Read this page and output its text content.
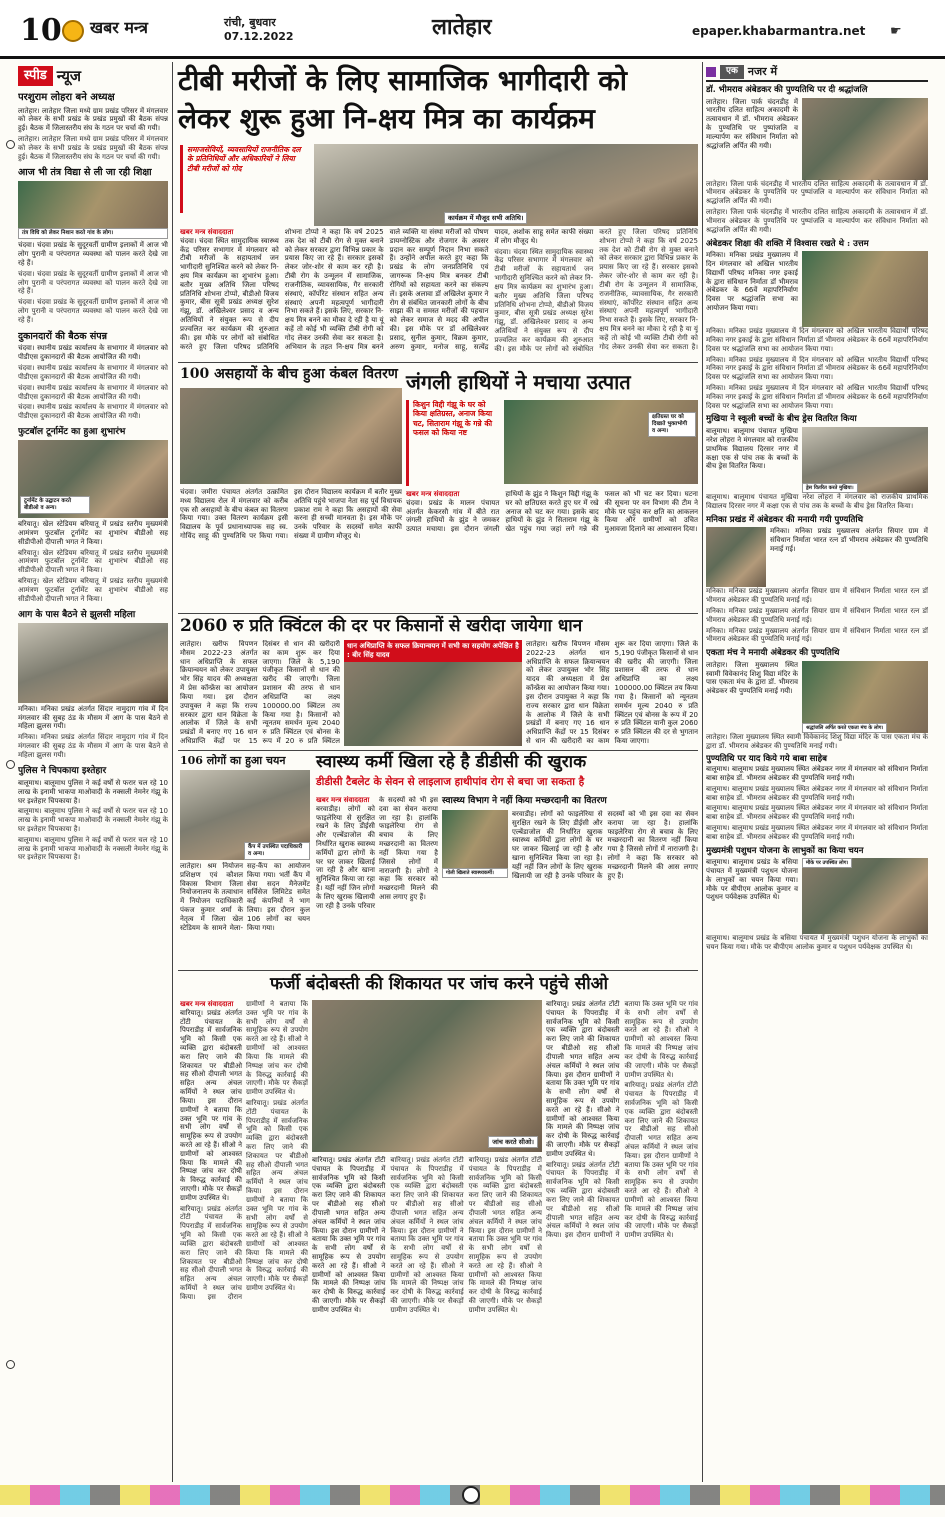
10 खबर मन्त्र	रांची, बुधवार
07.12.2022	लातेहार	epaper.khabarmantra.net ☛
स्पीड न्यूज
परशुराम लोहरा बने अध्यक्ष

लातेहार। लातेहार जिला मध्ये ग्राम प्रखंड परिसर में मंगलवार को लेकर के सभी प्रखंड के प्रखंड प्रमुखों की बैठक संपन्न हुई। बैठक में जिलास्तरीय संघ के गठन पर चर्चा की गयी।

लातेहार। लातेहार जिला मध्ये ग्राम प्रखंड परिसर में मंगलवार को लेकर के सभी प्रखंड के प्रखंड प्रमुखों की बैठक संपन्न हुई। बैठक में जिलास्तरीय संघ के गठन पर चर्चा की गयी।

आज भी तंत्र विद्या से ली जा रही शिक्षा
तंत्र विधि को लेकर निशान करते गांव के लोग।

चंदवा। चंदवा प्रखंड के सुदूरवर्ती ग्रामीण इलाकों में आज भी लोग पुरानी व परंपरागत व्यवस्था को पालन करते देखे जा रहे हैं।

चंदवा। चंदवा प्रखंड के सुदूरवर्ती ग्रामीण इलाकों में आज भी लोग पुरानी व परंपरागत व्यवस्था को पालन करते देखे जा रहे हैं।

चंदवा। चंदवा प्रखंड के सुदूरवर्ती ग्रामीण इलाकों में आज भी लोग पुरानी व परंपरागत व्यवस्था को पालन करते देखे जा रहे हैं।

दुकानदारों की बैठक संपन्न

चंदवा। स्थानीय प्रखंड कार्यालय के सभागार में मंगलवार को पीडीएस दुकानदारों की बैठक आयोजित की गयी।

चंदवा। स्थानीय प्रखंड कार्यालय के सभागार में मंगलवार को पीडीएस दुकानदारों की बैठक आयोजित की गयी।

चंदवा। स्थानीय प्रखंड कार्यालय के सभागार में मंगलवार को पीडीएस दुकानदारों की बैठक आयोजित की गयी।

चंदवा। स्थानीय प्रखंड कार्यालय के सभागार में मंगलवार को पीडीएस दुकानदारों की बैठक आयोजित की गयी।

फुटबॉल टूर्नामेंट का हुआ शुभारंभ
टूर्नामेंट के उद्घाटन करते बीडीओ व अन्य।

बरियातू। खेल स्टेडियम बरियातू में प्रखंड स्तरीय मुख्यमंत्री आमंत्रण फुटबॉल टूर्नामेंट का शुभारंभ बीडीओ सह सीडीपीओ दीपाली भगत ने किया।

बरियातू। खेल स्टेडियम बरियातू में प्रखंड स्तरीय मुख्यमंत्री आमंत्रण फुटबॉल टूर्नामेंट का शुभारंभ बीडीओ सह सीडीपीओ दीपाली भगत ने किया।

बरियातू। खेल स्टेडियम बरियातू में प्रखंड स्तरीय मुख्यमंत्री आमंत्रण फुटबॉल टूर्नामेंट का शुभारंभ बीडीओ सह सीडीपीओ दीपाली भगत ने किया।

आग के पास बैठने से झुलसी महिला

मनिका। मनिका प्रखंड अंतर्गत सिंदार नामुदाग गांव में दिन मंगलवार की सुबह ठंड के मौसम में आग के पास बैठने से महिला झुलस गयी।

मनिका। मनिका प्रखंड अंतर्गत सिंदार नामुदाग गांव में दिन मंगलवार की सुबह ठंड के मौसम में आग के पास बैठने से महिला झुलस गयी।

पुलिस ने चिपकाया इश्तेहार

बालूमाथ। बालूमाथ पुलिस ने कई वर्षों से फरार चल रहे 10 लाख के इनामी भाकपा माओवादी के नक्सली नेमनेर गंझू के घर इश्तेहार चिपकाया है।

बालूमाथ। बालूमाथ पुलिस ने कई वर्षों से फरार चल रहे 10 लाख के इनामी भाकपा माओवादी के नक्सली नेमनेर गंझू के घर इश्तेहार चिपकाया है।

बालूमाथ। बालूमाथ पुलिस ने कई वर्षों से फरार चल रहे 10 लाख के इनामी भाकपा माओवादी के नक्सली नेमनेर गंझू के घर इश्तेहार चिपकाया है।

टीबी मरीजों के लिए सामाजिक भागीदारी को
लेकर शुरू हुआ नि-क्षय मित्र का कार्यक्रम
समाजसेवियों, व्यवसायियों राजनीतिक दल के प्रतिनिधियों और अधिकारियों ने लिया टीबी मरीजों को गोद
कार्यक्रम में मौजूद सभी अतिथि।
खबर मन्त्र संवाददाता

चंदवा। चंदवा स्थित सामुदायिक स्वास्थ्य केंद्र परिसर सभागार में मंगलवार को टीबी मरीजों के सहायतार्थ जन भागीदारी सुनिश्चित करने को लेकर नि-क्षय मित्र कार्यक्रम का शुभारंभ हुआ। बतौर मुख्य अतिथि जिला परिषद प्रतिनिधि शोभना टोप्पो, बीडीओ विजय कुमार, बीस सूत्री प्रखंड अध्यक्ष सुरेश गंझू, डॉ. अखिलेश्वर प्रसाद व अन्य अतिथियों ने संयुक्त रूप से दीप प्रज्वलित कर कार्यक्रम की शुरुआत की। इस मौके पर लोगों को संबोधित करते हुए जिला परिषद प्रतिनिधि शोभना टोप्पो ने कहा कि वर्ष 2025 तक देश को टीबी रोग से मुक्त बनाने को लेकर सरकार द्वारा विभिन्न प्रकार के प्रयास किए जा रहे हैं। सरकार इसको लेकर जोर-शोर से काम कर रही है। टीबी रोग के उन्मूलन में सामाजिक, राजनीतिक, व्यावसायिक, गैर सरकारी संस्थाएं, कॉर्पोरेट संस्थान सहित अन्य संस्थाएं अपनी महत्वपूर्ण भागीदारी निभा सकते हैं। इसके लिए, सरकार नि-क्षय मित्र बनने का मौका दे रही है या यूं कहें तो कोई भी व्यक्ति टीबी रोगी को गोद लेकर उनकी सेवा कर सकता है। अभियान के तहत नि-क्षय मित्र बनने वाले व्यक्ति या संस्था मरीजों को पोषण डायग्नोस्टिक और रोजगार के अवसर प्रदान कर सम्पूर्ण निदान निभा सकते हैं। उन्होंने अपील करते हुए कहा कि प्रखंड के लोग जनप्रतिनिधि एवं जागरूक नि-क्षय मित्र बनकर टीबी रोगियों को सहायता करने का संकल्प लें। इसके अलावा डॉ अखिलेश कुमार ने रोग से संबंधित जानकारी लोगों के बीच साझा की व समस्त मरीजों की पहचान को लेकर समाज से मदद की अपील की। इस मौके पर डॉ अखिलेश्वर प्रसाद, सुनील कुमार, विक्रम कुमार, अरुण कुमार, मनोज साहू, सत्येंद्र यादव, अशोक साहू समेत काफी संख्या में लोग मौजूद थे।

चंदवा। चंदवा स्थित सामुदायिक स्वास्थ्य केंद्र परिसर सभागार में मंगलवार को टीबी मरीजों के सहायतार्थ जन भागीदारी सुनिश्चित करने को लेकर नि-क्षय मित्र कार्यक्रम का शुभारंभ हुआ। बतौर मुख्य अतिथि जिला परिषद प्रतिनिधि शोभना टोप्पो, बीडीओ विजय कुमार, बीस सूत्री प्रखंड अध्यक्ष सुरेश गंझू, डॉ. अखिलेश्वर प्रसाद व अन्य अतिथियों ने संयुक्त रूप से दीप प्रज्वलित कर कार्यक्रम की शुरुआत की। इस मौके पर लोगों को संबोधित करते हुए जिला परिषद प्रतिनिधि शोभना टोप्पो ने कहा कि वर्ष 2025 तक देश को टीबी रोग से मुक्त बनाने को लेकर सरकार द्वारा विभिन्न प्रकार के प्रयास किए जा रहे हैं। सरकार इसको लेकर जोर-शोर से काम कर रही है। टीबी रोग के उन्मूलन में सामाजिक, राजनीतिक, व्यावसायिक, गैर सरकारी संस्थाएं, कॉर्पोरेट संस्थान सहित अन्य संस्थाएं अपनी महत्वपूर्ण भागीदारी निभा सकते हैं। इसके लिए, सरकार नि-क्षय मित्र बनने का मौका दे रही है या यूं कहें तो कोई भी व्यक्ति टीबी रोगी को गोद लेकर उनकी सेवा कर सकता है।

100 असहायों के बीच हुआ कंबल वितरण

चंदवा। जमीरा पंचायत अंतर्गत उत्क्रमित मध्य विद्यालय रोल में मंगलवार को करीब एक सौ असहायों के बीच कंबल का वितरण किया गया। उक्त वितरण कार्यक्रम इसी विद्यालय के पूर्व प्रधानाध्यापक सह स्व. गोविंद साहू की पुण्यतिथि पर किया गया। इस दौरान विद्यालय कार्यक्रम में बतौर मुख्य अतिथि पहुंचे भाजपा नेता सह पूर्व विधायक प्रकाश राम ने कहा कि असहायों की सेवा करना ही सच्ची मानवता है। इस मौके पर उनके परिवार के सदस्यों समेत काफी संख्या में ग्रामीण मौजूद थे।

जंगली हाथियों ने मचाया उत्पात
किशुन विद्दी गंझू के घर को किया क्षतिग्रस्त, अनाज किया चट, सिताराम गंझू के गन्ने की फसल को किया नष्ट
क्षतिग्रस्त घर को दिखाते भुक्तभोगी व अन्य।
खबर मन्त्र संवाददाता

चंदवा। प्रखंड के मालन पंचायत अंतर्गत केकरसौ गांव में बीते रात जंगली हाथियों के झुंड ने जमकर उत्पात मचाया। इस दौरान जंगली हाथियों के झुंड ने किशुन विद्दी गंझू के घर को क्षतिग्रस्त करते हुए घर में रखे अनाज को चट कर गया। इसके बाद हाथियों के झुंड ने सिताराम गंझू के खेत पहुंच गया जहां लगे गन्ने की फसल को भी चट कर दिया। घटना की सूचना पर वन विभाग की टीम ने मौके पर पहुंच कर क्षति का आकलन किया और ग्रामीणों को उचित मुआवजा दिलाने का आश्वासन दिया।

2060 रु प्रति क्विंटल की दर पर किसानों से खरीदा जायेगा धान

लातेहार। खरीफ विपणन मौसम 2022-23 अंतर्गत धान अधिप्राप्ति के सफल क्रियान्वयन को लेकर उपायुक्त भोर सिंह यादव की अध्यक्षता में प्रेस कॉन्फ्रेंस का आयोजन किया गया। इस दौरान उपायुक्त ने कहा कि राज्य सरकार द्वारा धान विक्रेता के आलोक में जिले के सभी प्रखंडों में बनाए गए 16 धान अधिप्राप्ति केंद्रों पर 15 दिसंबर से धान की खरीदारी का काम शुरू कर दिया जाएगा। जिले के 5,190 पंजीकृत किसानों से धान की खरीद की जाएगी। जिला प्रशासन की तरफ से धान अधिप्राप्ति का लक्ष्य 100000.00 क्विंटल तय किया गया है। किसानों को न्यूनतम समर्थन मूल्य 2040 रु प्रति क्विंटल एवं बोनस के रूप में 20 रु प्रति क्विंटल

धान अधिप्राप्ति के सफल क्रियान्वयन में सभी का सहयोग अपेक्षित है : बीर सिंह यादव

लातेहार। खरीफ विपणन मौसम 2022-23 अंतर्गत धान अधिप्राप्ति के सफल क्रियान्वयन को लेकर उपायुक्त भोर सिंह यादव की अध्यक्षता में प्रेस कॉन्फ्रेंस का आयोजन किया गया। इस दौरान उपायुक्त ने कहा कि राज्य सरकार द्वारा धान विक्रेता के आलोक में जिले के सभी प्रखंडों में बनाए गए 16 धान अधिप्राप्ति केंद्रों पर 15 दिसंबर से धान की खरीदारी का काम शुरू कर दिया जाएगा। जिले के 5,190 पंजीकृत किसानों से धान की खरीद की जाएगी। जिला प्रशासन की तरफ से धान अधिप्राप्ति का लक्ष्य 100000.00 क्विंटल तय किया गया है। किसानों को न्यूनतम समर्थन मूल्य 2040 रु प्रति क्विंटल एवं बोनस के रूप में 20 रु प्रति क्विंटल यानी कुल 2060 रु प्रति क्विंटल की दर से भुगतान किया जाएगा।

106 लोगों का हुआ चयन
कैंप में उपस्थित पदाधिकारी व अन्य।

लातेहार। श्रम नियोजन प्रशिक्षण एवं कौशल विकास विभाग जिला नियोजनालय के तत्वाधान में नियोजन पदाधिकारी पंकज कुमार शर्मा के नेतृत्व में जिला खेल स्टेडियम के सामने मेला-सह-कैंप का आयोजन किया गया। भर्ती कैंप में सेवा सदन मैनेजमेंट सर्विसेज लिमिटेड समेत कई कंपनियों ने भाग लिया। इस दौरान कुल 106 लोगों का चयन किया गया।

स्वास्थ्य कर्मी खिला रहे है डीडीसी की खुराक
डीडीसी टैबलेट के सेवन से लाइलाज हाथीपांव रोग से बचा जा सकता है
खबर मन्त्र संवाददाता

बरवाडीह। लोगों को फाइलेरिया से सुरक्षित रखने के लिए डीईसी और एल्बेंडाजोल की निर्धारित खुराक स्वास्थ्य कर्मियों द्वारा लोगों के घर घर जाकर खिलाई जा रही है और खाना सुनिश्चित किया जा रहा है। यहीं नहीं जिन लोगों के लिए खुराक खिलायी जा रही है उनके परिवार के सदस्यों को भी इस दवा का सेवन कराया जा रहा है। हालांकि फाइलेरिया रोग से बचाव के लिए मच्छरदानी का वितरण नहीं किया गया है जिससे लोगों में नाराजगी है। लोगों ने कहा कि सरकार को मच्छरदानी मिलने की आस लगाए हुए हैं।

स्वास्थ्य विभाग ने नहीं किया मच्छरदानी का वितरण
गोली खिलाते स्वास्थ्यकर्मी।

बरवाडीह। लोगों को फाइलेरिया से सुरक्षित रखने के लिए डीईसी और एल्बेंडाजोल की निर्धारित खुराक स्वास्थ्य कर्मियों द्वारा लोगों के घर घर जाकर खिलाई जा रही है और खाना सुनिश्चित किया जा रहा है। यहीं नहीं जिन लोगों के लिए खुराक खिलायी जा रही है उनके परिवार के सदस्यों को भी इस दवा का सेवन कराया जा रहा है। हालांकि फाइलेरिया रोग से बचाव के लिए मच्छरदानी का वितरण नहीं किया गया है जिससे लोगों में नाराजगी है। लोगों ने कहा कि सरकार को मच्छरदानी मिलने की आस लगाए हुए हैं।

फर्जी बंदोबस्ती की शिकायत पर जांच करने पहुंचे सीओ
खबर मन्त्र संवाददाता

बारियातू। प्रखंड अंतर्गत टोंटी पंचायत के पिपराडीह में सार्वजनिक भूमि को किसी एक व्यक्ति द्वारा बंदोबस्ती करा लिए जाने की शिकायत पर बीडीओ सह सीओ दीपाली भगत सहित अन्य अंचल कर्मियों ने स्थल जांच किया। इस दौरान ग्रामीणों ने बताया कि उक्त भूमि पर गांव के सभी लोग वर्षों से सामूहिक रूप से उपयोग करते आ रहे हैं। सीओ ने ग्रामीणों को आश्वस्त किया कि मामले की निष्पक्ष जांच कर दोषी के विरुद्ध कार्रवाई की जाएगी। मौके पर सैकड़ों ग्रामीण उपस्थित थे।

बारियातू। प्रखंड अंतर्गत टोंटी पंचायत के पिपराडीह में सार्वजनिक भूमि को किसी एक व्यक्ति द्वारा बंदोबस्ती करा लिए जाने की शिकायत पर बीडीओ सह सीओ दीपाली भगत सहित अन्य अंचल कर्मियों ने स्थल जांच किया। इस दौरान ग्रामीणों ने बताया कि उक्त भूमि पर गांव के सभी लोग वर्षों से सामूहिक रूप से उपयोग करते आ रहे हैं। सीओ ने ग्रामीणों को आश्वस्त किया कि मामले की निष्पक्ष जांच कर दोषी के विरुद्ध कार्रवाई की जाएगी। मौके पर सैकड़ों ग्रामीण उपस्थित थे।

बारियातू। प्रखंड अंतर्गत टोंटी पंचायत के पिपराडीह में सार्वजनिक भूमि को किसी एक व्यक्ति द्वारा बंदोबस्ती करा लिए जाने की शिकायत पर बीडीओ सह सीओ दीपाली भगत सहित अन्य अंचल कर्मियों ने स्थल जांच किया। इस दौरान ग्रामीणों ने बताया कि उक्त भूमि पर गांव के सभी लोग वर्षों से सामूहिक रूप से उपयोग करते आ रहे हैं। सीओ ने ग्रामीणों को आश्वस्त किया कि मामले की निष्पक्ष जांच कर दोषी के विरुद्ध कार्रवाई की जाएगी। मौके पर सैकड़ों ग्रामीण उपस्थित थे।

जांच करते सीओ।

बारियातू। प्रखंड अंतर्गत टोंटी पंचायत के पिपराडीह में सार्वजनिक भूमि को किसी एक व्यक्ति द्वारा बंदोबस्ती करा लिए जाने की शिकायत पर बीडीओ सह सीओ दीपाली भगत सहित अन्य अंचल कर्मियों ने स्थल जांच किया। इस दौरान ग्रामीणों ने बताया कि उक्त भूमि पर गांव के सभी लोग वर्षों से सामूहिक रूप से उपयोग करते आ रहे हैं। सीओ ने ग्रामीणों को आश्वस्त किया कि मामले की निष्पक्ष जांच कर दोषी के विरुद्ध कार्रवाई की जाएगी। मौके पर सैकड़ों ग्रामीण उपस्थित थे।

बारियातू। प्रखंड अंतर्गत टोंटी पंचायत के पिपराडीह में सार्वजनिक भूमि को किसी एक व्यक्ति द्वारा बंदोबस्ती करा लिए जाने की शिकायत पर बीडीओ सह सीओ दीपाली भगत सहित अन्य अंचल कर्मियों ने स्थल जांच किया। इस दौरान ग्रामीणों ने बताया कि उक्त भूमि पर गांव के सभी लोग वर्षों से सामूहिक रूप से उपयोग करते आ रहे हैं। सीओ ने ग्रामीणों को आश्वस्त किया कि मामले की निष्पक्ष जांच कर दोषी के विरुद्ध कार्रवाई की जाएगी। मौके पर सैकड़ों ग्रामीण उपस्थित थे।

बारियातू। प्रखंड अंतर्गत टोंटी पंचायत के पिपराडीह में सार्वजनिक भूमि को किसी एक व्यक्ति द्वारा बंदोबस्ती करा लिए जाने की शिकायत पर बीडीओ सह सीओ दीपाली भगत सहित अन्य अंचल कर्मियों ने स्थल जांच किया। इस दौरान ग्रामीणों ने बताया कि उक्त भूमि पर गांव के सभी लोग वर्षों से सामूहिक रूप से उपयोग करते आ रहे हैं। सीओ ने ग्रामीणों को आश्वस्त किया कि मामले की निष्पक्ष जांच कर दोषी के विरुद्ध कार्रवाई की जाएगी। मौके पर सैकड़ों ग्रामीण उपस्थित थे।

बारियातू। प्रखंड अंतर्गत टोंटी पंचायत के पिपराडीह में सार्वजनिक भूमि को किसी एक व्यक्ति द्वारा बंदोबस्ती करा लिए जाने की शिकायत पर बीडीओ सह सीओ दीपाली भगत सहित अन्य अंचल कर्मियों ने स्थल जांच किया। इस दौरान ग्रामीणों ने बताया कि उक्त भूमि पर गांव के सभी लोग वर्षों से सामूहिक रूप से उपयोग करते आ रहे हैं। सीओ ने ग्रामीणों को आश्वस्त किया कि मामले की निष्पक्ष जांच कर दोषी के विरुद्ध कार्रवाई की जाएगी। मौके पर सैकड़ों ग्रामीण उपस्थित थे।

बारियातू। प्रखंड अंतर्गत टोंटी पंचायत के पिपराडीह में सार्वजनिक भूमि को किसी एक व्यक्ति द्वारा बंदोबस्ती करा लिए जाने की शिकायत पर बीडीओ सह सीओ दीपाली भगत सहित अन्य अंचल कर्मियों ने स्थल जांच किया। इस दौरान ग्रामीणों ने बताया कि उक्त भूमि पर गांव के सभी लोग वर्षों से सामूहिक रूप से उपयोग करते आ रहे हैं। सीओ ने ग्रामीणों को आश्वस्त किया कि मामले की निष्पक्ष जांच कर दोषी के विरुद्ध कार्रवाई की जाएगी। मौके पर सैकड़ों ग्रामीण उपस्थित थे।

बारियातू। प्रखंड अंतर्गत टोंटी पंचायत के पिपराडीह में सार्वजनिक भूमि को किसी एक व्यक्ति द्वारा बंदोबस्ती करा लिए जाने की शिकायत पर बीडीओ सह सीओ दीपाली भगत सहित अन्य अंचल कर्मियों ने स्थल जांच किया। इस दौरान ग्रामीणों ने बताया कि उक्त भूमि पर गांव के सभी लोग वर्षों से सामूहिक रूप से उपयोग करते आ रहे हैं। सीओ ने ग्रामीणों को आश्वस्त किया कि मामले की निष्पक्ष जांच कर दोषी के विरुद्ध कार्रवाई की जाएगी। मौके पर सैकड़ों ग्रामीण उपस्थित थे।

एक नजर में
डॉ. भीमराव अंबेडकर की पुण्यतिथि पर दी श्रद्धांजलि

लातेहार। जिला पार्क चंदनडीह में भारतीय दलित साहित्य अकादमी के तत्वावधान में डॉ. भीमराव अंबेडकर के पुण्यतिथि पर पुष्पांजलि व माल्यार्पण कर संविधान निर्माता को श्रद्धांजलि अर्पित की गयी।

लातेहार। जिला पार्क चंदनडीह में भारतीय दलित साहित्य अकादमी के तत्वावधान में डॉ. भीमराव अंबेडकर के पुण्यतिथि पर पुष्पांजलि व माल्यार्पण कर संविधान निर्माता को श्रद्धांजलि अर्पित की गयी।

लातेहार। जिला पार्क चंदनडीह में भारतीय दलित साहित्य अकादमी के तत्वावधान में डॉ. भीमराव अंबेडकर के पुण्यतिथि पर पुष्पांजलि व माल्यार्पण कर संविधान निर्माता को श्रद्धांजलि अर्पित की गयी।

अंबेडकर शिक्षा की शक्ति में विश्वास रखते थे : उत्तम

मनिका। मनिका प्रखंड मुख्यालय में दिन मंगलवार को अखिल भारतीय विद्यार्थी परिषद मनिका नगर इकाई के द्वारा संविधान निर्माता डॉ भीमराव अंबेडकर के 66वें महापरिनिर्वाण दिवस पर श्रद्धांजलि सभा का आयोजन किया गया।

मनिका। मनिका प्रखंड मुख्यालय में दिन मंगलवार को अखिल भारतीय विद्यार्थी परिषद मनिका नगर इकाई के द्वारा संविधान निर्माता डॉ भीमराव अंबेडकर के 66वें महापरिनिर्वाण दिवस पर श्रद्धांजलि सभा का आयोजन किया गया।

मनिका। मनिका प्रखंड मुख्यालय में दिन मंगलवार को अखिल भारतीय विद्यार्थी परिषद मनिका नगर इकाई के द्वारा संविधान निर्माता डॉ भीमराव अंबेडकर के 66वें महापरिनिर्वाण दिवस पर श्रद्धांजलि सभा का आयोजन किया गया।

मनिका। मनिका प्रखंड मुख्यालय में दिन मंगलवार को अखिल भारतीय विद्यार्थी परिषद मनिका नगर इकाई के द्वारा संविधान निर्माता डॉ भीमराव अंबेडकर के 66वें महापरिनिर्वाण दिवस पर श्रद्धांजलि सभा का आयोजन किया गया।

मुखिया ने स्कूली बच्चों के बीच ड्रेस वितरित किया

बालूमाथ। बालूमाथ पंचायत मुखिया नरेश लोहरा ने मंगलवार को राजकीय प्राथमिक विद्यालय दिरसर नगर में कक्षा एक से पांच तक के बच्चों के बीच ड्रेस वितरित किया।

ड्रेस वितरित करते मुखिया।

बालूमाथ। बालूमाथ पंचायत मुखिया नरेश लोहरा ने मंगलवार को राजकीय प्राथमिक विद्यालय दिरसर नगर में कक्षा एक से पांच तक के बच्चों के बीच ड्रेस वितरित किया।

मनिका प्रखंड में अंबेडकर की मनायी गयी पुण्यतिथि

मनिका। मनिका प्रखंड मुख्यालय अंतर्गत सियार ग्राम में संविधान निर्माता भारत रत्न डॉ भीमराव अंबेडकर की पुण्यतिथि मनाई गई।

मनिका। मनिका प्रखंड मुख्यालय अंतर्गत सियार ग्राम में संविधान निर्माता भारत रत्न डॉ भीमराव अंबेडकर की पुण्यतिथि मनाई गई।

मनिका। मनिका प्रखंड मुख्यालय अंतर्गत सियार ग्राम में संविधान निर्माता भारत रत्न डॉ भीमराव अंबेडकर की पुण्यतिथि मनाई गई।

मनिका। मनिका प्रखंड मुख्यालय अंतर्गत सियार ग्राम में संविधान निर्माता भारत रत्न डॉ भीमराव अंबेडकर की पुण्यतिथि मनाई गई।

एकता मंच ने मनायी अंबेडकर की पुण्यतिथि

लातेहार। जिला मुख्यालय स्थित स्वामी विवेकानंद शिशु विद्या मंदिर के पास एकता मंच के द्वारा डॉ. भीमराव अंबेडकर की पुण्यतिथि मनाई गयी।

श्रद्धांजलि अर्पित करते एकता मंच के लोग।

लातेहार। जिला मुख्यालय स्थित स्वामी विवेकानंद शिशु विद्या मंदिर के पास एकता मंच के द्वारा डॉ. भीमराव अंबेडकर की पुण्यतिथि मनाई गयी।

पुण्यतिथि पर याद किये गये बाबा साहेब

बालूमाथ। बालूमाथ प्रखंड मुख्यालय स्थित अंबेडकर नगर में मंगलवार को संविधान निर्माता बाबा साहेब डॉ. भीमराव अंबेडकर की पुण्यतिथि मनाई गयी।

बालूमाथ। बालूमाथ प्रखंड मुख्यालय स्थित अंबेडकर नगर में मंगलवार को संविधान निर्माता बाबा साहेब डॉ. भीमराव अंबेडकर की पुण्यतिथि मनाई गयी।

बालूमाथ। बालूमाथ प्रखंड मुख्यालय स्थित अंबेडकर नगर में मंगलवार को संविधान निर्माता बाबा साहेब डॉ. भीमराव अंबेडकर की पुण्यतिथि मनाई गयी।

बालूमाथ। बालूमाथ प्रखंड मुख्यालय स्थित अंबेडकर नगर में मंगलवार को संविधान निर्माता बाबा साहेब डॉ. भीमराव अंबेडकर की पुण्यतिथि मनाई गयी।

मुख्यमंत्री पशुधन योजना के लाभुकों का किया चयन

बालूमाथ। बालूमाथ प्रखंड के बसिया पंचायत में मुख्यमंत्री पशुधन योजना के लाभुकों का चयन किया गया। मौके पर बीपीएम आलोक कुमार व पशुधन पर्यवेक्षक उपस्थित थे।

मौके पर उपस्थित लोग।

बालूमाथ। बालूमाथ प्रखंड के बसिया पंचायत में मुख्यमंत्री पशुधन योजना के लाभुकों का चयन किया गया। मौके पर बीपीएम आलोक कुमार व पशुधन पर्यवेक्षक उपस्थित थे।
